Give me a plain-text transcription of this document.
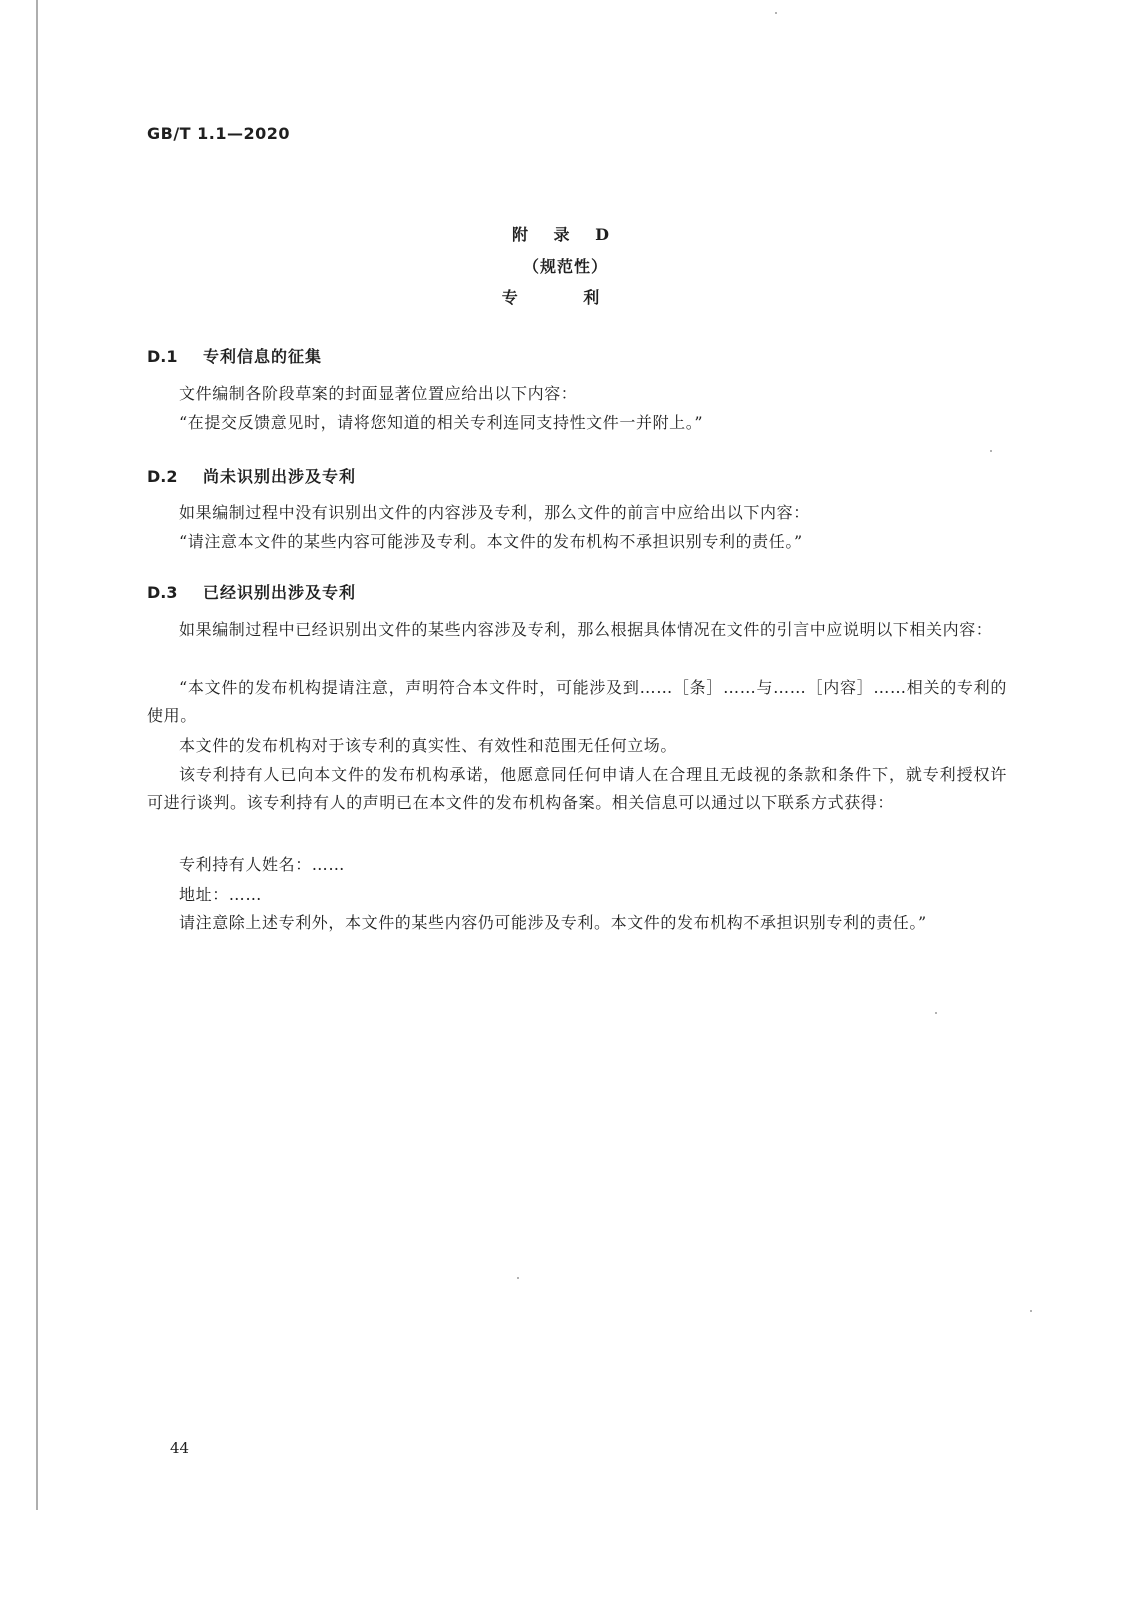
GB/T 1.1—2020
附 录 D
（规范性）
专 利
D.1 专利信息的征集
文件编制各阶段草案的封面显著位置应给出以下内容：
“在提交反馈意见时，请将您知道的相关专利连同支持性文件一并附上。”
D.2 尚未识别出涉及专利
如果编制过程中没有识别出文件的内容涉及专利，那么文件的前言中应给出以下内容：
“请注意本文件的某些内容可能涉及专利。本文件的发布机构不承担识别专利的责任。”
D.3 已经识别出涉及专利
如果编制过程中已经识别出文件的某些内容涉及专利，那么根据具体情况在文件的引言中应说明以下相关内容：
“本文件的发布机构提请注意，声明符合本文件时，可能涉及到……［条］……与……［内容］……相关的专利的使用。
本文件的发布机构对于该专利的真实性、有效性和范围无任何立场。
该专利持有人已向本文件的发布机构承诺，他愿意同任何申请人在合理且无歧视的条款和条件下，就专利授权许可进行谈判。该专利持有人的声明已在本文件的发布机构备案。相关信息可以通过以下联系方式获得：
专利持有人姓名：……
地址：……
请注意除上述专利外，本文件的某些内容仍可能涉及专利。本文件的发布机构不承担识别专利的责任。”
44
